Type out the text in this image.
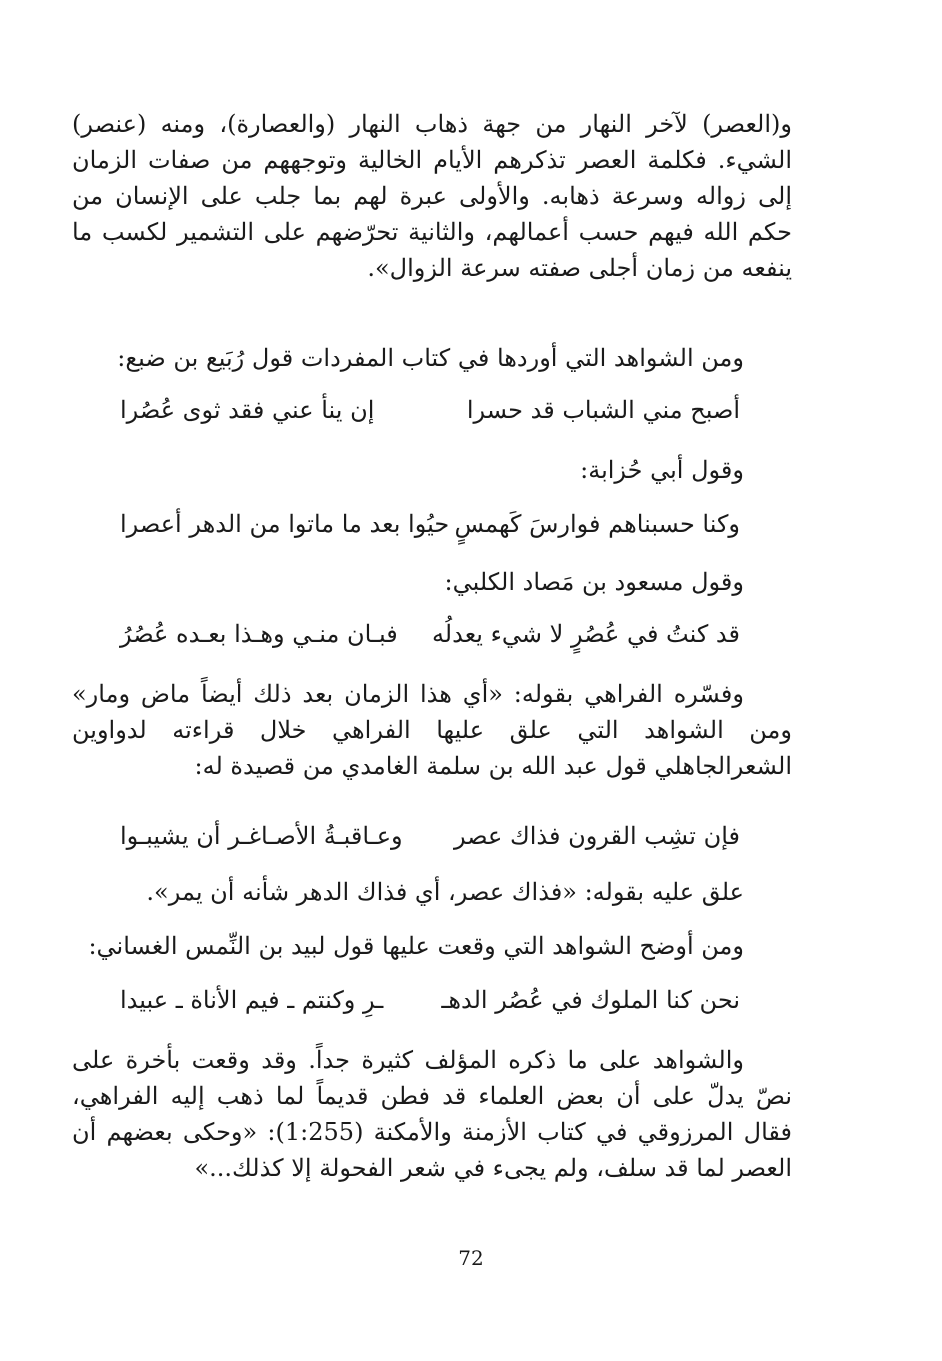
و(العصر) لآخر النهار من جهة ذهاب النهار (والعصارة)، ومنه (عنصر) الشيء. فكلمة العصر تذكرهم الأيام الخالية وتوجههم من صفات الزمان إلى زواله وسرعة ذهابه. والأولى عبرة لهم بما جلب على الإنسان من حكم الله فيهم حسب أعمالهم، والثانية تحرّضهم على التشمير لكسب ما ينفعه من زمان أجلى صفته سرعة الزوال».

ومن الشواهد التي أوردها في كتاب المفردات قول رُبَيع بن ضبع:

أصبح مني الشباب قد حسرا
إن ينأ عني فقد ثوى عُصُرا

وقول أبي حُزابة:

وكنا حسبناهم فوارسَ كَهمسٍ
حيُوا بعد ما ماتوا من الدهر أعصرا

وقول مسعود بن مَصاد الكلبي:

قد كنتُ في عُصُرٍ لا شيء يعدلُه
فبـان منـي وهـذا بعـده عُصُرُ

وفسّره الفراهي بقوله: «أي هذا الزمان بعد ذلك أيضاً ماض ومار» ومن الشواهد التي علق عليها الفراهي خلال قراءته لدواوين الشعرالجاهلي قول عبد الله بن سلمة الغامدي من قصيدة له:

فإن تشِب القرون فذاك عصر
وعـاقبـةُ الأصـاغـر أن يشيبـوا

علق عليه بقوله: «فذاك عصر، أي فذاك الدهر شأنه أن يمر».

ومن أوضح الشواهد التي وقعت عليها قول لبيد بن النِّمس الغساني:

نحن كنا الملوك في عُصُر الدهـ
ـرِ وكنتم ـ فيم الأناة ـ عبيدا

والشواهد على ما ذكره المؤلف كثيرة جداً. وقد وقعت بأخرة على نصّ يدلّ على أن بعض العلماء قد فطن قديماً لما ذهب إليه الفراهي، فقال المرزوقي في كتاب الأزمنة والأمكنة (1:255): «وحكى بعضهم أن العصر لما قد سلف، ولم يجىء في شعر الفحولة إلا كذلك...»

72
